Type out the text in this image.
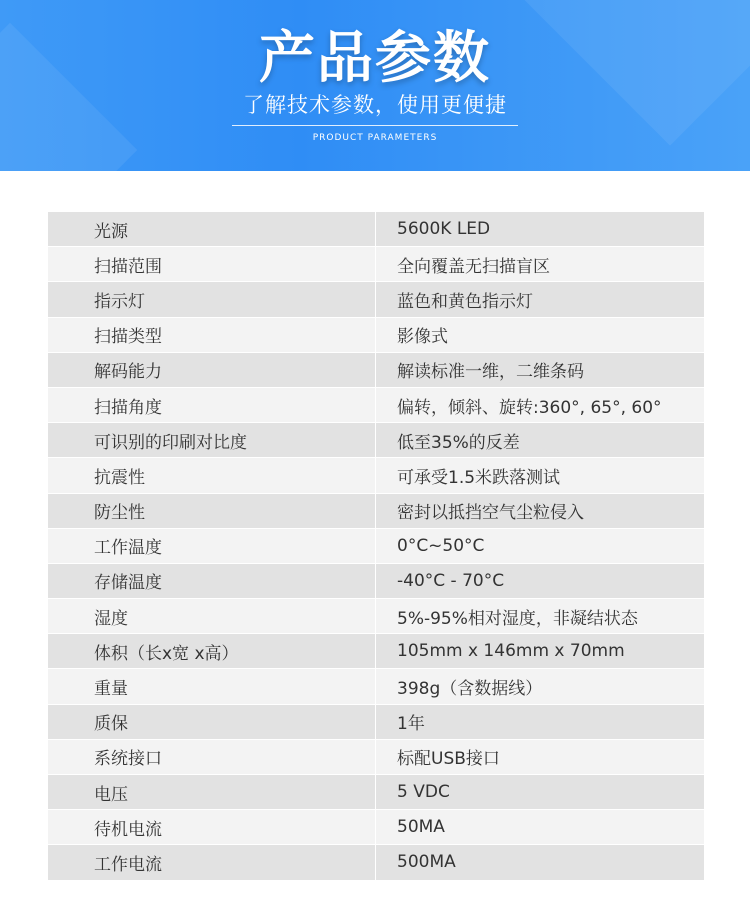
产品参数
了解技术参数，使用更便捷
PRODUCT PARAMETERS
光源	5600K LED
扫描范围	全向覆盖无扫描盲区
指示灯	蓝色和黄色指示灯
扫描类型	影像式
解码能力	解读标准一维，二维条码
扫描角度	偏转，倾斜、旋转:360°, 65°, 60°
可识别的印刷对比度	低至35%的反差
抗震性	可承受1.5米跌落测试
防尘性	密封以抵挡空气尘粒侵入
工作温度	0°C~50°C
存储温度	-40°C - 70°C
湿度	5%-95%相对湿度，非凝结状态
体积（长x宽 x高）	105mm x 146mm x 70mm
重量	398g（含数据线）
质保	1年
系统接口	标配USB接口
电压	5 VDC
待机电流	50MA
工作电流	500MA
